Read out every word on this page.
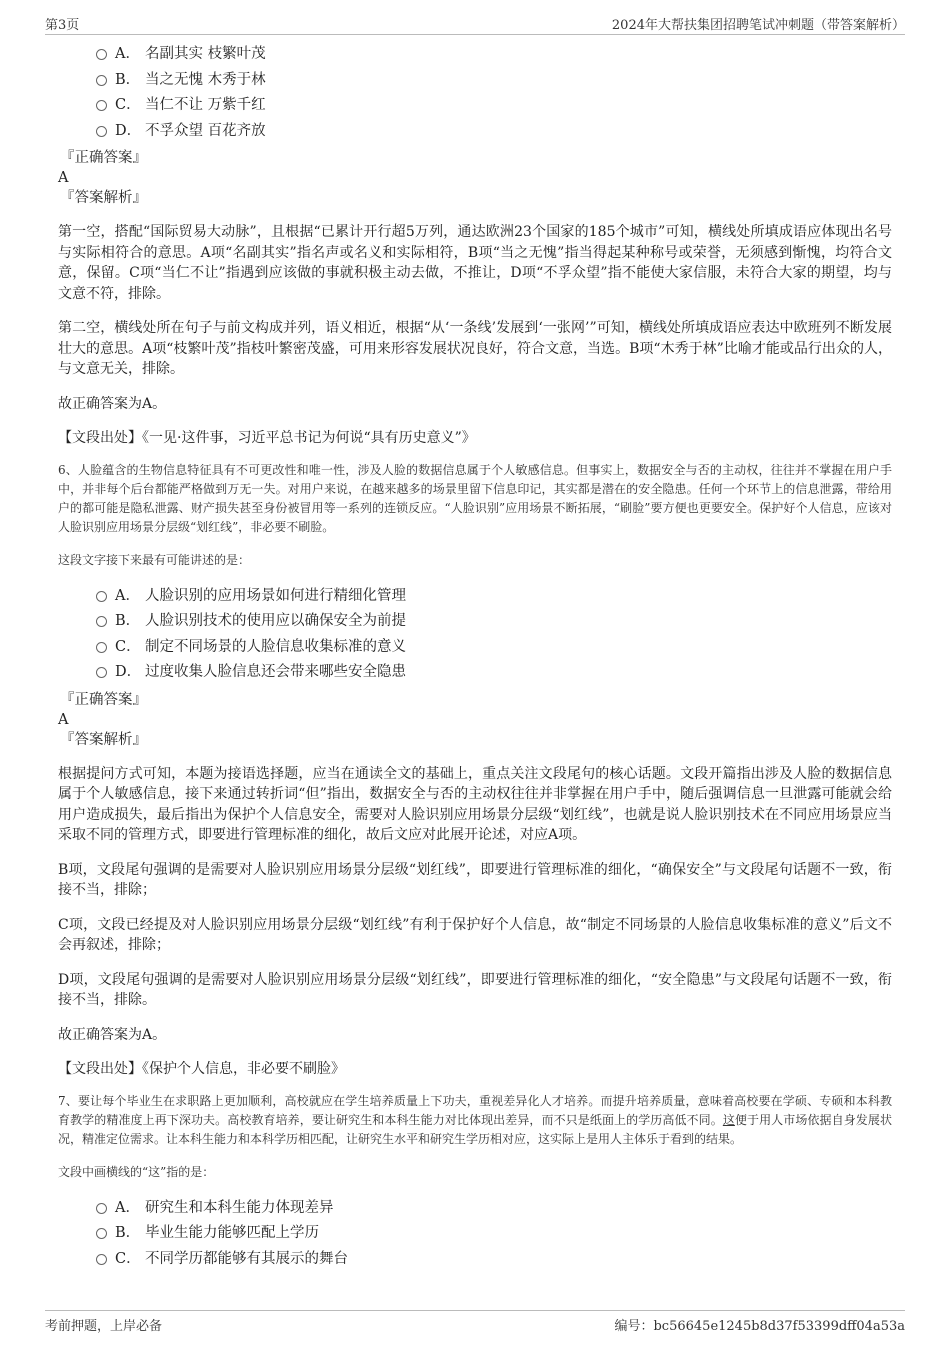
第3页	2024年大帮扶集团招聘笔试冲刺题（带答案解析）
A． 名副其实 枝繁叶茂
B． 当之无愧 木秀于林
C． 当仁不让 万紫千红
D． 不孚众望 百花齐放
『正确答案』
A
『答案解析』

第一空，搭配“国际贸易大动脉”，且根据“已累计开行超5万列，通达欧洲23个国家的185个城市”可知，横线处所填成语应体现出名号与实际相符合的意思。A项“名副其实”指名声或名义和实际相符，B项“当之无愧”指当得起某种称号或荣誉，无须感到惭愧，均符合文意，保留。C项“当仁不让”指遇到应该做的事就积极主动去做，不推让，D项“不孚众望”指不能使大家信服，未符合大家的期望，均与文意不符，排除。

第二空，横线处所在句子与前文构成并列，语义相近，根据“从‘一条线’发展到‘一张网’”可知，横线处所填成语应表达中欧班列不断发展壮大的意思。A项“枝繁叶茂”指枝叶繁密茂盛，可用来形容发展状况良好，符合文意，当选。B项“木秀于林”比喻才能或品行出众的人，与文意无关，排除。

故正确答案为A。

【文段出处】《一见·这件事，习近平总书记为何说“具有历史意义”》

6、人脸蕴含的生物信息特征具有不可更改性和唯一性，涉及人脸的数据信息属于个人敏感信息。但事实上，数据安全与否的主动权，往往并不掌握在用户手中，并非每个后台都能严格做到万无一失。对用户来说，在越来越多的场景里留下信息印记，其实都是潜在的安全隐患。任何一个环节上的信息泄露，带给用户的都可能是隐私泄露、财产损失甚至身份被冒用等一系列的连锁反应。“人脸识别”应用场景不断拓展，“刷脸”要方便也更要安全。保护好个人信息，应该对人脸识别应用场景分层级“划红线”，非必要不刷脸。

这段文字接下来最有可能讲述的是：
A． 人脸识别的应用场景如何进行精细化管理
B． 人脸识别技术的使用应以确保安全为前提
C． 制定不同场景的人脸信息收集标准的意义
D． 过度收集人脸信息还会带来哪些安全隐患
『正确答案』
A
『答案解析』

根据提问方式可知，本题为接语选择题，应当在通读全文的基础上，重点关注文段尾句的核心话题。文段开篇指出涉及人脸的数据信息属于个人敏感信息，接下来通过转折词“但”指出，数据安全与否的主动权往往并非掌握在用户手中，随后强调信息一旦泄露可能就会给用户造成损失，最后指出为保护个人信息安全，需要对人脸识别应用场景分层级“划红线”，也就是说人脸识别技术在不同应用场景应当采取不同的管理方式，即要进行管理标准的细化，故后文应对此展开论述，对应A项。

B项，文段尾句强调的是需要对人脸识别应用场景分层级“划红线”，即要进行管理标准的细化，“确保安全”与文段尾句话题不一致，衔接不当，排除；

C项，文段已经提及对人脸识别应用场景分层级“划红线”有利于保护好个人信息，故“制定不同场景的人脸信息收集标准的意义”后文不会再叙述，排除；

D项，文段尾句强调的是需要对人脸识别应用场景分层级“划红线”，即要进行管理标准的细化，“安全隐患”与文段尾句话题不一致，衔接不当，排除。

故正确答案为A。

【文段出处】《保护个人信息，非必要不刷脸》

7、要让每个毕业生在求职路上更加顺利，高校就应在学生培养质量上下功夫，重视差异化人才培养。而提升培养质量，意味着高校要在学硕、专硕和本科教育教学的精准度上再下深功夫。高校教育培养，要让研究生和本科生能力对比体现出差异，而不只是纸面上的学历高低不同。这便于用人市场依据自身发展状况，精准定位需求。让本科生能力和本科学历相匹配，让研究生水平和研究生学历相对应，这实际上是用人主体乐于看到的结果。

文段中画横线的“这”指的是：
A． 研究生和本科生能力体现差异
B． 毕业生能力能够匹配上学历
C． 不同学历都能够有其展示的舞台
考前押题，上岸必备	编号：bc56645e1245b8d37f53399dff04a53a
